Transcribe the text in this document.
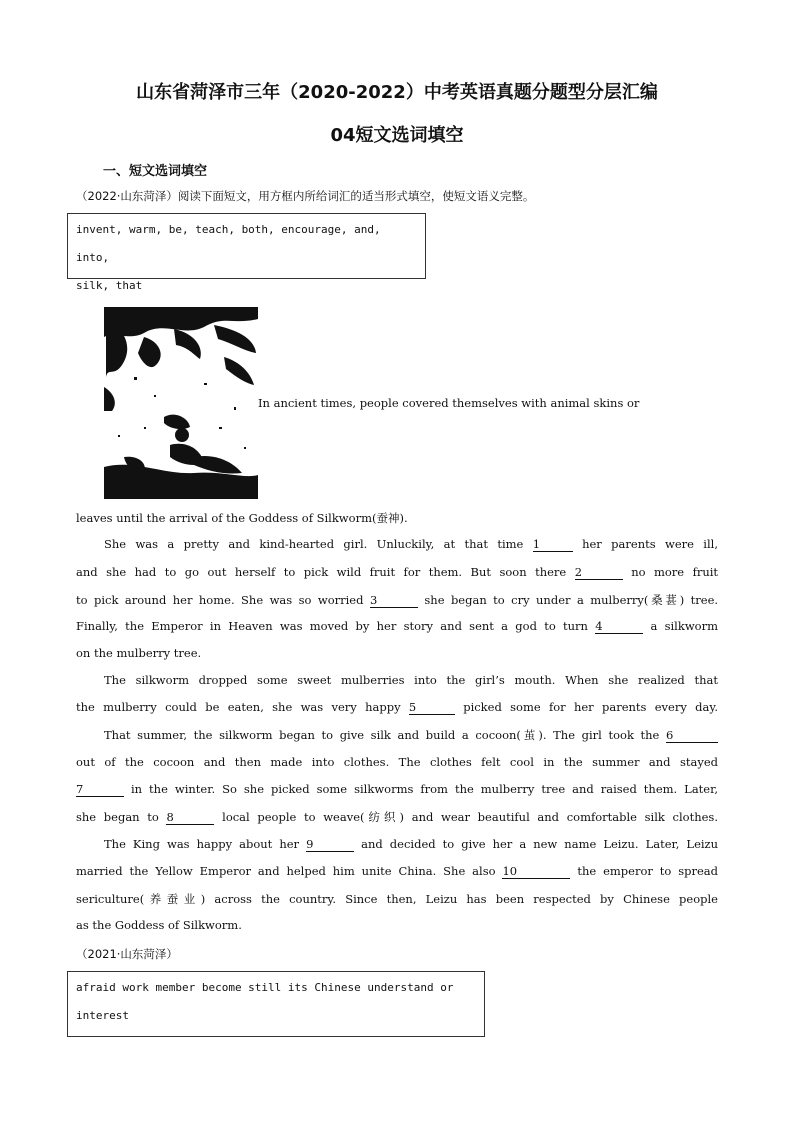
山东省菏泽市三年（2020-2022）中考英语真题分题型分层汇编
04短文选词填空
一、短文选词填空
（2022·山东菏泽）阅读下面短文，用方框内所给词汇的适当形式填空，使短文语义完整。
invent, warm, be, teach, both, encourage, and, into,
silk, that
In ancient times, people covered themselves with animal skins or
leaves until the arrival of the Goddess of Silkworm(蚕神).
She was a pretty and kind-hearted girl. Unluckily, at that time 1	her parents were ill,
and she had to go out herself to pick wild fruit for them. But soon there 2	no more fruit
to pick around her home. She was so worried 3	she began to cry under a mulberry(桑葚) tree.
Finally, the Emperor in Heaven was moved by her story and sent a god to turn 4	a silkworm
on the mulberry tree.
The silkworm dropped some sweet mulberries into the girl’s mouth. When she realized that
the mulberry could be eaten, she was very happy 5	picked some for her parents every day.
That summer, the silkworm began to give silk and build a cocoon(茧). The girl took the 6
out of the cocoon and then made into clothes. The clothes felt cool in the summer and stayed
7	in the winter. So she picked some silkworms from the mulberry tree and raised them. Later,
she began to 8	local people to weave(纺织) and wear beautiful and comfortable silk clothes.
The King was happy about her 9	and decided to give her a new name Leizu. Later, Leizu
married the Yellow Emperor and helped him unite China. She also 10	the emperor to spread
sericulture(养蚕业) across the country. Since then, Leizu has been respected by Chinese people
as the Goddess of Silkworm.
（2021·山东菏泽）
afraid work member become still its Chinese understand or
interest
